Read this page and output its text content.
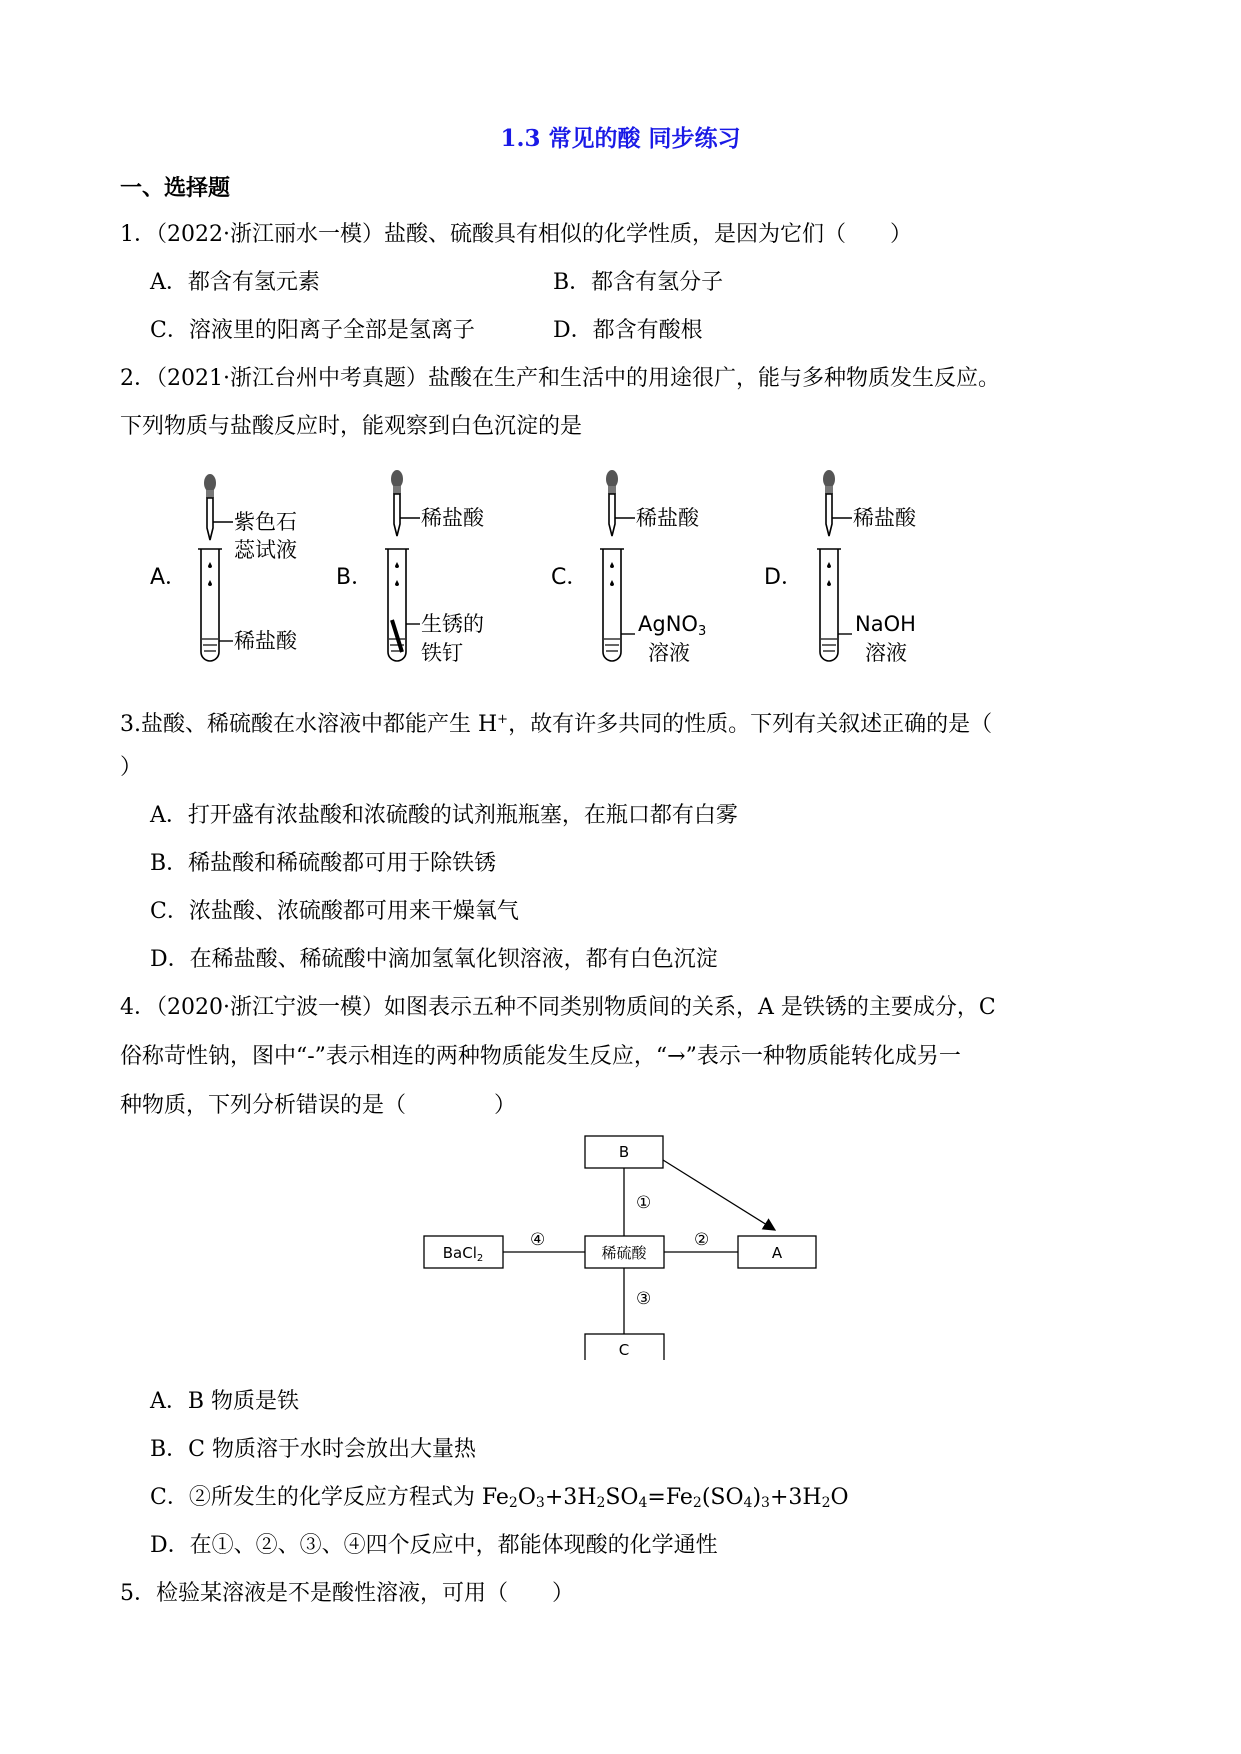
1.3 常见的酸 同步练习
一、选择题
1．（2022·浙江丽水一模）盐酸、硫酸具有相似的化学性质，是因为它们（　　）
A．都含有氢元素	B．都含有氢分子
C．溶液里的阳离子全部是氢离子	D．都含有酸根
2．（2021·浙江台州中考真题）盐酸在生产和生活中的用途很广，能与多种物质发生反应。
下列物质与盐酸反应时，能观察到白色沉淀的是
A．
紫色石
蕊试液
稀盐酸
B．
稀盐酸
生锈的
铁钉
C．
稀盐酸
AgNO3
溶液
D．
稀盐酸
NaOH
溶液
3.盐酸、稀硫酸在水溶液中都能产生 H+，故有许多共同的性质。下列有关叙述正确的是（
）
A．打开盛有浓盐酸和浓硫酸的试剂瓶瓶塞，在瓶口都有白雾
B．稀盐酸和稀硫酸都可用于除铁锈
C．浓盐酸、浓硫酸都可用来干燥氧气
D．在稀盐酸、稀硫酸中滴加氢氧化钡溶液，都有白色沉淀
4．（2020·浙江宁波一模）如图表示五种不同类别物质间的关系，A 是铁锈的主要成分，C
俗称苛性钠，图中“-”表示相连的两种物质能发生反应，“→”表示一种物质能转化成另一
种物质，下列分析错误的是（　　　　）
B
稀硫酸
BaCl$_2$	A
C
①
②
③
④
A．B 物质是铁
B．C 物质溶于水时会放出大量热
C．②所发生的化学反应方程式为 $Fe_2O_3+3H_2SO_4=Fe_2(SO_4)_3+3H_2O$
D．在①、②、③、④四个反应中，都能体现酸的化学通性
5．检验某溶液是不是酸性溶液，可用（　　）
